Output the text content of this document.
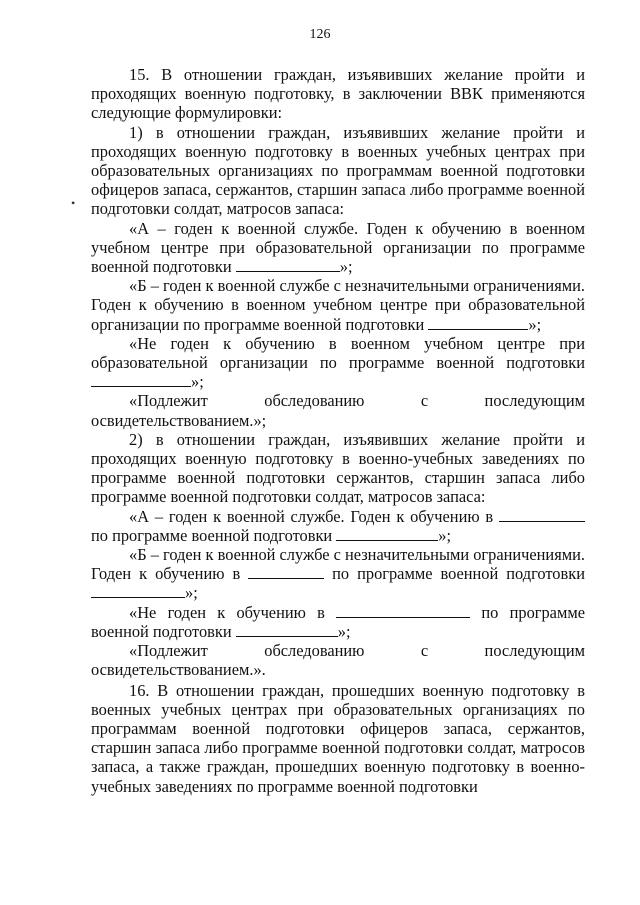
126
•

15. В отношении граждан, изъявивших желание пройти и проходящих военную подготовку, в заключении ВВК применяются следующие формулировки:

1) в отношении граждан, изъявивших желание пройти и проходящих военную подготовку в военных учебных центрах при образовательных организациях по программам военной подготовки офицеров запаса, сержантов, старшин запаса либо программе военной подготовки солдат, матросов запаса:

«А – годен к военной службе. Годен к обучению в военном учебном центре при образовательной организации по программе военной подготовки	»;

«Б – годен к военной службе с незначительными ограничениями. Годен к обучению в военном учебном центре при образовательной организации по программе военной подготовки	»;

«Не годен к обучению в военном учебном центре при образовательной организации по программе военной подготовки »;

«Подлежит обследованию с последующим освидетельствованием.»;

2) в отношении граждан, изъявивших желание пройти и проходящих военную подготовку в военно-учебных заведениях по программе военной подготовки сержантов, старшин запаса либо программе военной подготовки солдат, матросов запаса:

«А – годен к военной службе. Годен к обучению в  по программе военной подготовки	»;

«Б – годен к военной службе с незначительными ограничениями. Годен к обучению в	по программе военной подготовки »;

«Не годен к обучению в	по программе военной подготовки	»;

«Подлежит обследованию с последующим освидетельствованием.».

16. В отношении граждан, прошедших военную подготовку в военных учебных центрах при образовательных организациях по программам военной подготовки офицеров запаса, сержантов, старшин запаса либо программе военной подготовки солдат, матросов запаса, а также граждан, прошедших военную подготовку в военно-учебных заведениях по программе военной подготовки
